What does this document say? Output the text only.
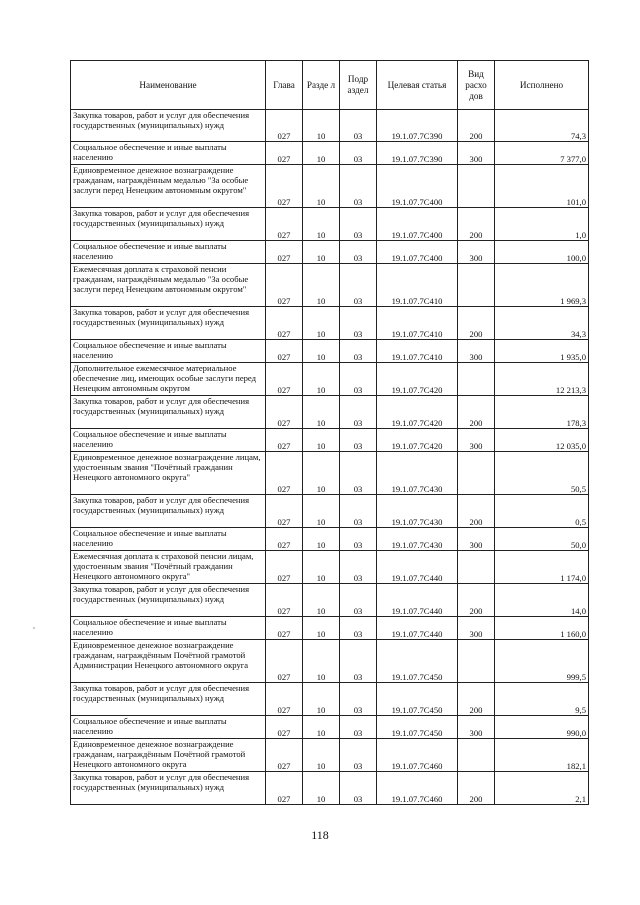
Наименование	Глава	Разде л	Подр аздел	Целевая статья	Вид расхо дов	Исполнено
Закупка товаров, работ и услуг для обеспечения государственных (муниципальных) нужд	027	10	03	19.1.07.7С390	200	74,3
Социальное обеспечение и иные выплаты населению	027	10	03	19.1.07.7С390	300	7 377,0
Единовременное денежное вознаграждение гражданам, награждённым медалью "За особые заслуги перед Ненецким автономным округом"	027	10	03	19.1.07.7С400		101,0
Закупка товаров, работ и услуг для обеспечения государственных (муниципальных) нужд	027	10	03	19.1.07.7С400	200	1,0
Социальное обеспечение и иные выплаты населению	027	10	03	19.1.07.7С400	300	100,0
Ежемесячная доплата к страховой пенсии гражданам, награждённым медалью "За особые заслуги перед Ненецким автономным округом"	027	10	03	19.1.07.7С410		1 969,3
Закупка товаров, работ и услуг для обеспечения государственных (муниципальных) нужд	027	10	03	19.1.07.7С410	200	34,3
Социальное обеспечение и иные выплаты населению	027	10	03	19.1.07.7С410	300	1 935,0
Дополнительное ежемесячное материальное обеспечение лиц, имеющих особые заслуги перед Ненецким автономным округом	027	10	03	19.1.07.7С420		12 213,3
Закупка товаров, работ и услуг для обеспечения государственных (муниципальных) нужд	027	10	03	19.1.07.7С420	200	178,3
Социальное обеспечение и иные выплаты населению	027	10	03	19.1.07.7С420	300	12 035,0
Единовременное денежное вознаграждение лицам, удостоенным звания "Почётный гражданин Ненецкого автономного округа"	027	10	03	19.1.07.7С430		50,5
Закупка товаров, работ и услуг для обеспечения государственных (муниципальных) нужд	027	10	03	19.1.07.7С430	200	0,5
Социальное обеспечение и иные выплаты населению	027	10	03	19.1.07.7С430	300	50,0
Ежемесячная доплата к страховой пенсии лицам, удостоенным звания "Почётный гражданин Ненецкого автономного округа"	027	10	03	19.1.07.7С440		1 174,0
Закупка товаров, работ и услуг для обеспечения государственных (муниципальных) нужд	027	10	03	19.1.07.7С440	200	14,0
Социальное обеспечение и иные выплаты населению	027	10	03	19.1.07.7С440	300	1 160,0
Единовременное денежное вознаграждение гражданам, награждённым Почётной грамотой Администрации Ненецкого автономного округа	027	10	03	19.1.07.7С450		999,5
Закупка товаров, работ и услуг для обеспечения государственных (муниципальных) нужд	027	10	03	19.1.07.7С450	200	9,5
Социальное обеспечение и иные выплаты населению	027	10	03	19.1.07.7С450	300	990,0
Единовременное денежное вознаграждение гражданам, награждённым Почётной грамотой Ненецкого автономного округа	027	10	03	19.1.07.7С460		182,1
Закупка товаров, работ и услуг для обеспечения государственных (муниципальных) нужд	027	10	03	19.1.07.7С460	200	2,1
118
